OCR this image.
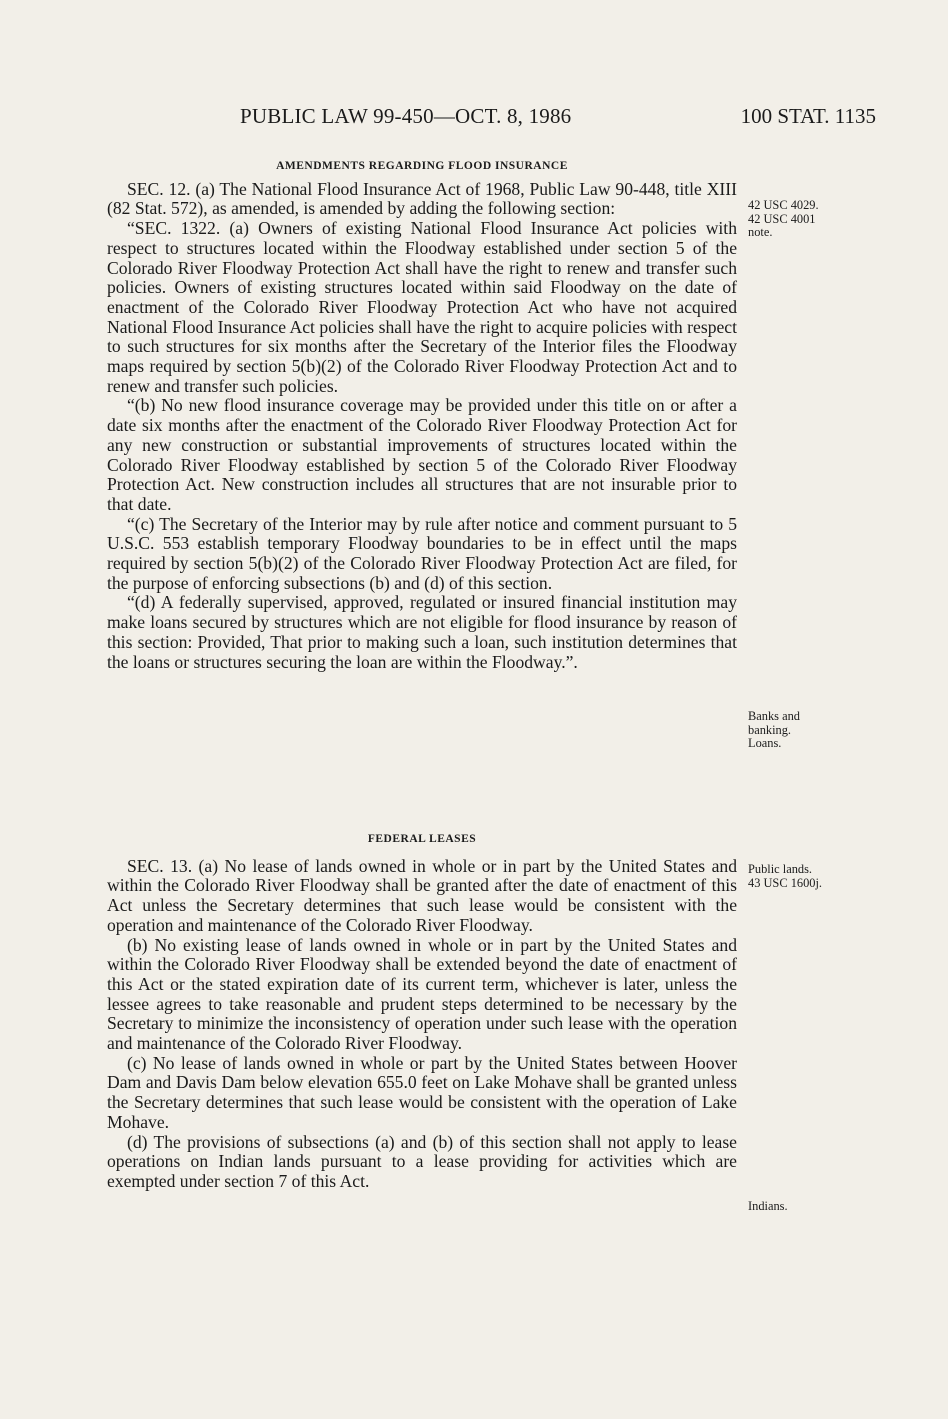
PUBLIC LAW 99-450—OCT. 8, 1986	100 STAT. 1135
AMENDMENTS REGARDING FLOOD INSURANCE

SEC. 12. (a) The National Flood Insurance Act of 1968, Public Law 90-448, title XIII (82 Stat. 572), as amended, is amended by adding the following section:

“SEC. 1322. (a) Owners of existing National Flood Insurance Act policies with respect to structures located within the Floodway established under section 5 of the Colorado River Floodway Protection Act shall have the right to renew and transfer such policies. Owners of existing structures located within said Floodway on the date of enactment of the Colorado River Floodway Protection Act who have not acquired National Flood Insurance Act policies shall have the right to acquire policies with respect to such structures for six months after the Secretary of the Interior files the Floodway maps required by section 5(b)(2) of the Colorado River Floodway Protection Act and to renew and transfer such policies.

“(b) No new flood insurance coverage may be provided under this title on or after a date six months after the enactment of the Colorado River Floodway Protection Act for any new construction or substantial improvements of structures located within the Colorado River Floodway established by section 5 of the Colorado River Floodway Protection Act. New construction includes all structures that are not insurable prior to that date.

“(c) The Secretary of the Interior may by rule after notice and comment pursuant to 5 U.S.C. 553 establish temporary Floodway boundaries to be in effect until the maps required by section 5(b)(2) of the Colorado River Floodway Protection Act are filed, for the purpose of enforcing subsections (b) and (d) of this section.

“(d) A federally supervised, approved, regulated or insured financial institution may make loans secured by structures which are not eligible for flood insurance by reason of this section: Provided, That prior to making such a loan, such institution determines that the loans or structures securing the loan are within the Floodway.”.

FEDERAL LEASES

SEC. 13. (a) No lease of lands owned in whole or in part by the United States and within the Colorado River Floodway shall be granted after the date of enactment of this Act unless the Secretary determines that such lease would be consistent with the operation and maintenance of the Colorado River Floodway.

(b) No existing lease of lands owned in whole or in part by the United States and within the Colorado River Floodway shall be extended beyond the date of enactment of this Act or the stated expiration date of its current term, whichever is later, unless the lessee agrees to take reasonable and prudent steps determined to be necessary by the Secretary to minimize the inconsistency of operation under such lease with the operation and maintenance of the Colorado River Floodway.

(c) No lease of lands owned in whole or part by the United States between Hoover Dam and Davis Dam below elevation 655.0 feet on Lake Mohave shall be granted unless the Secretary determines that such lease would be consistent with the operation of Lake Mohave.

(d) The provisions of subsections (a) and (b) of this section shall not apply to lease operations on Indian lands pursuant to a lease providing for activities which are exempted under section 7 of this Act.

42 USC 4029.
42 USC 4001
note.
Banks and
banking.
Loans.
Public lands.
43 USC 1600j.
Indians.
